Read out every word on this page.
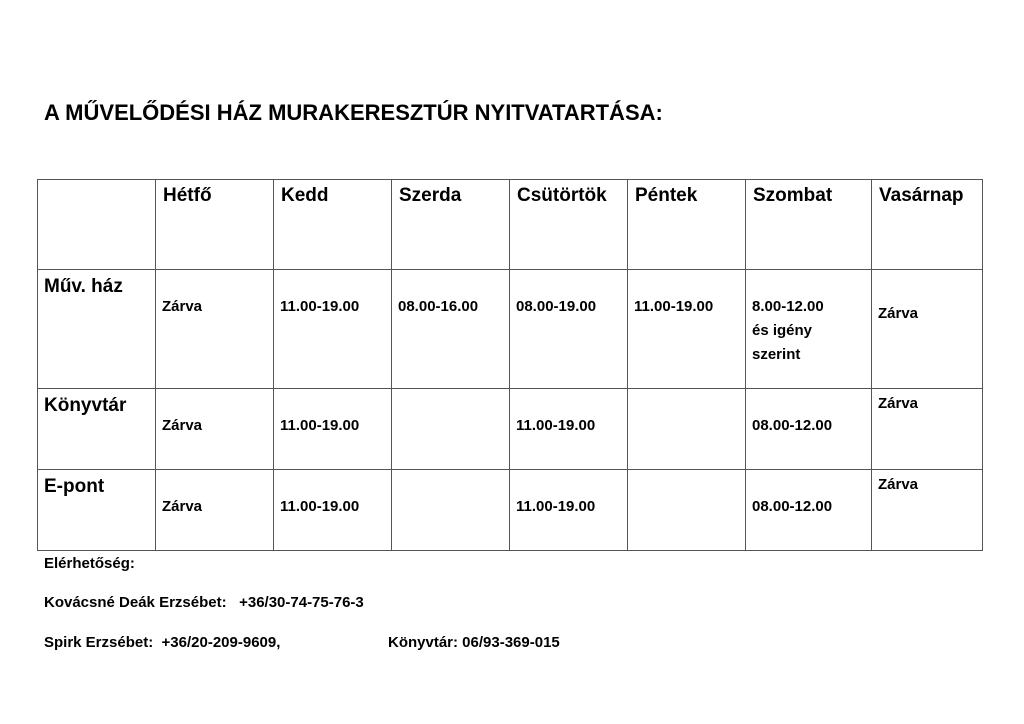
A MŰVELŐDÉSI HÁZ MURAKERESZTÚR NYITVATARTÁSA:

	Hétfő	Kedd	Szerda	Csütörtök	Péntek	Szombat	Vasárnap

Műv. ház	Zárva	11.00-19.00	08.00-16.00	08.00-19.00	11.00-19.00	8.00-12.00
és igény
szerint	Zárva

Könyvtár	Zárva	11.00-19.00		11.00-19.00		08.00-12.00	Zárva

E-pont	Zárva	11.00-19.00		11.00-19.00		08.00-12.00	Zárva
Elérhetőség:
Kovácsné Deák Erzsébet:   +36/30-74-75-76-3
Spirk Erzsébet:  +36/20-209-9609,	Könyvtár: 06/93-369-015
